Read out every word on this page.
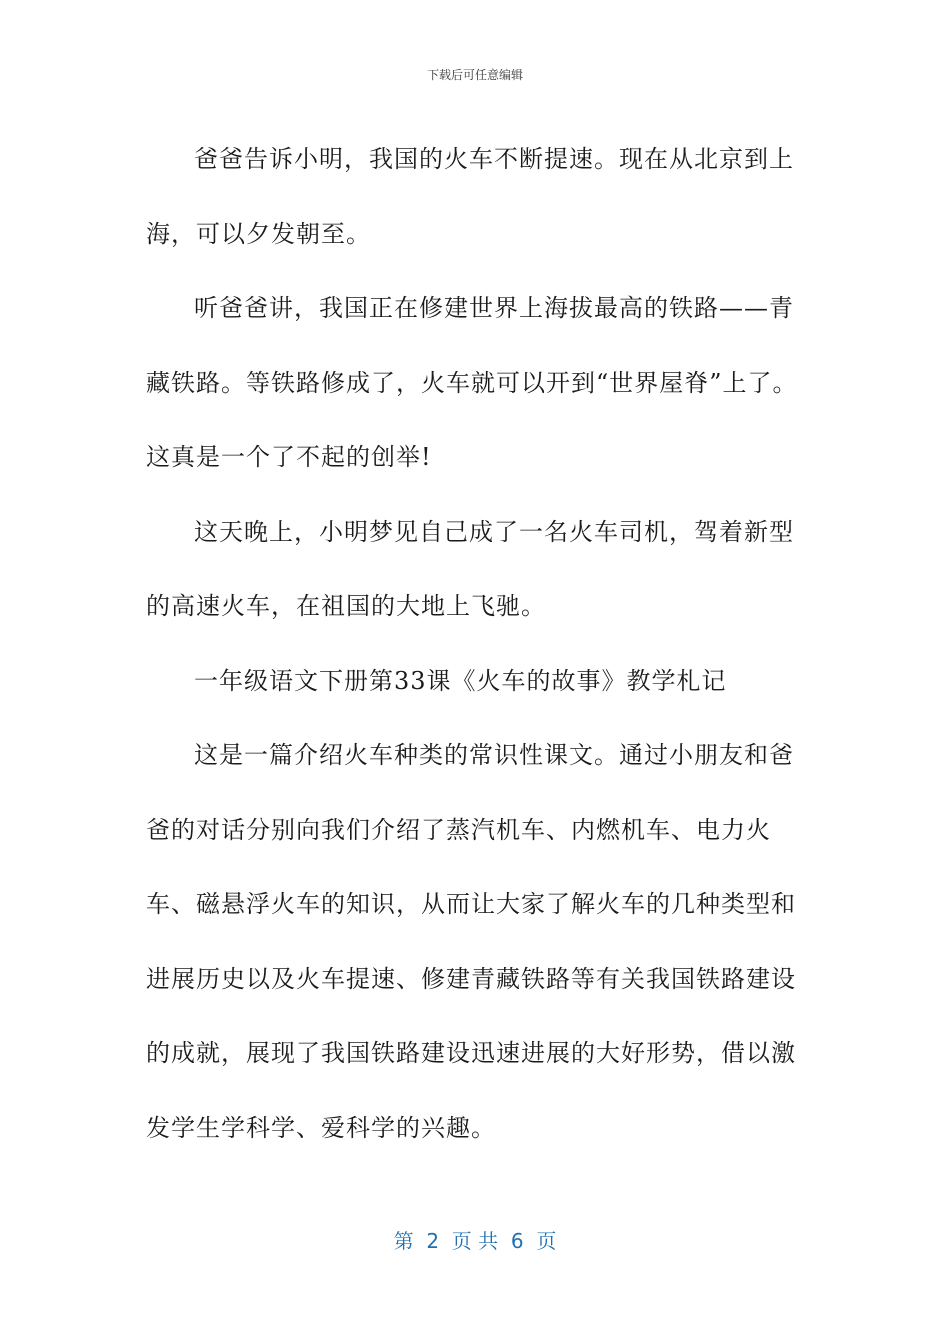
下载后可任意编辑

爸爸告诉小明，我国的火车不断提速。现在从北京到上海，可以夕发朝至。

听爸爸讲，我国正在修建世界上海拔最高的铁路——青藏铁路。等铁路修成了，火车就可以开到“世界屋脊”上了。这真是一个了不起的创举!

这天晚上，小明梦见自己成了一名火车司机，驾着新型的高速火车，在祖国的大地上飞驰。

一年级语文下册第33课《火车的故事》教学札记

这是一篇介绍火车种类的常识性课文。通过小朋友和爸爸的对话分别向我们介绍了蒸汽机车、内燃机车、电力火车、磁悬浮火车的知识，从而让大家了解火车的几种类型和进展历史以及火车提速、修建青藏铁路等有关我国铁路建设的成就，展现了我国铁路建设迅速进展的大好形势，借以激发学生学科学、爱科学的兴趣。

第  2  页 共  6  页
